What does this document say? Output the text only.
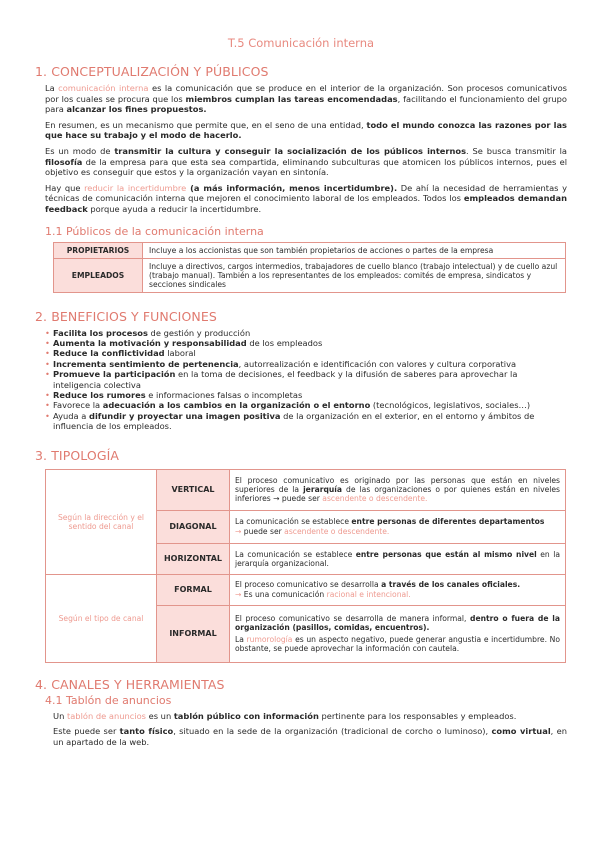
T.5 Comunicación interna
1. CONCEPTUALIZACIÓN Y PÚBLICOS

La comunicación interna es la comunicación que se produce en el interior de la organización. Son procesos comunicativos por los cuales se procura que los miembros cumplan las tareas encomendadas, facilitando el funcionamiento del grupo para alcanzar los fines propuestos.

En resumen, es un mecanismo que permite que, en el seno de una entidad, todo el mundo conozca las razones por las que hace su trabajo y el modo de hacerlo.

Es un modo de transmitir la cultura y conseguir la socialización de los públicos internos. Se busca transmitir la filosofía de la empresa para que esta sea compartida, eliminando subculturas que atomicen los públicos internos, pues el objetivo es conseguir que estos y la organización vayan en sintonía.

Hay que reducir la incertidumbre (a más información, menos incertidumbre). De ahí la necesidad de herramientas y técnicas de comunicación interna que mejoren el conocimiento laboral de los empleados. Todos los empleados demandan feedback porque ayuda a reducir la incertidumbre.

1.1 Públicos de la comunicación interna
PROPIETARIOS	Incluye a los accionistas que son también propietarios de acciones o partes de la empresa
EMPLEADOS	Incluye a directivos, cargos intermedios, trabajadores de cuello blanco (trabajo intelectual) y de cuello azul (trabajo manual). También a los representantes de los empleados: comités de empresa, sindicatos y secciones sindicales
2. BENEFICIOS Y FUNCIONES
• Facilita los procesos de gestión y producción
• Aumenta la motivación y responsabilidad de los empleados
• Reduce la conflictividad laboral
• Incrementa sentimiento de pertenencia, autorrealización e identificación con valores y cultura corporativa
• Promueve la participación en la toma de decisiones, el feedback y la difusión de saberes para aprovechar la inteligencia colectiva
• Reduce los rumores e informaciones falsas o incompletas
• Favorece la adecuación a los cambios en la organización o el entorno (tecnológicos, legislativos, sociales…)
• Ayuda a difundir y proyectar una imagen positiva de la organización en el exterior, en el entorno y ámbitos de influencia de los empleados.
3. TIPOLOGÍA
Según la dirección y el sentido del canal	VERTICAL	El proceso comunicativo es originado por las personas que están en niveles superiores de la jerarquía de las organizaciones o por quienes están en niveles inferiores → puede ser ascendente o descendente.
	DIAGONAL	La comunicación se establece entre personas de diferentes departamentos
→ puede ser ascendente o descendente.

	HORIZONTAL	La comunicación se establece entre personas que están al mismo nivel en la jerarquía organizacional.
Según el tipo de canal	FORMAL	El proceso comunicativo se desarrolla a través de los canales oficiales.
→ Es una comunicación racional e intencional.

	INFORMAL	El proceso comunicativo se desarrolla de manera informal, dentro o fuera de la organización (pasillos, comidas, encuentros).
La rumorología es un aspecto negativo, puede generar angustia e incertidumbre. No obstante, se puede aprovechar la información con cautela.
4. CANALES Y HERRAMIENTAS
4.1 Tablón de anuncios

Un tablón de anuncios es un tablón público con información pertinente para los responsables y empleados.

Este puede ser tanto físico, situado en la sede de la organización (tradicional de corcho o luminoso), como virtual, en un apartado de la web.
